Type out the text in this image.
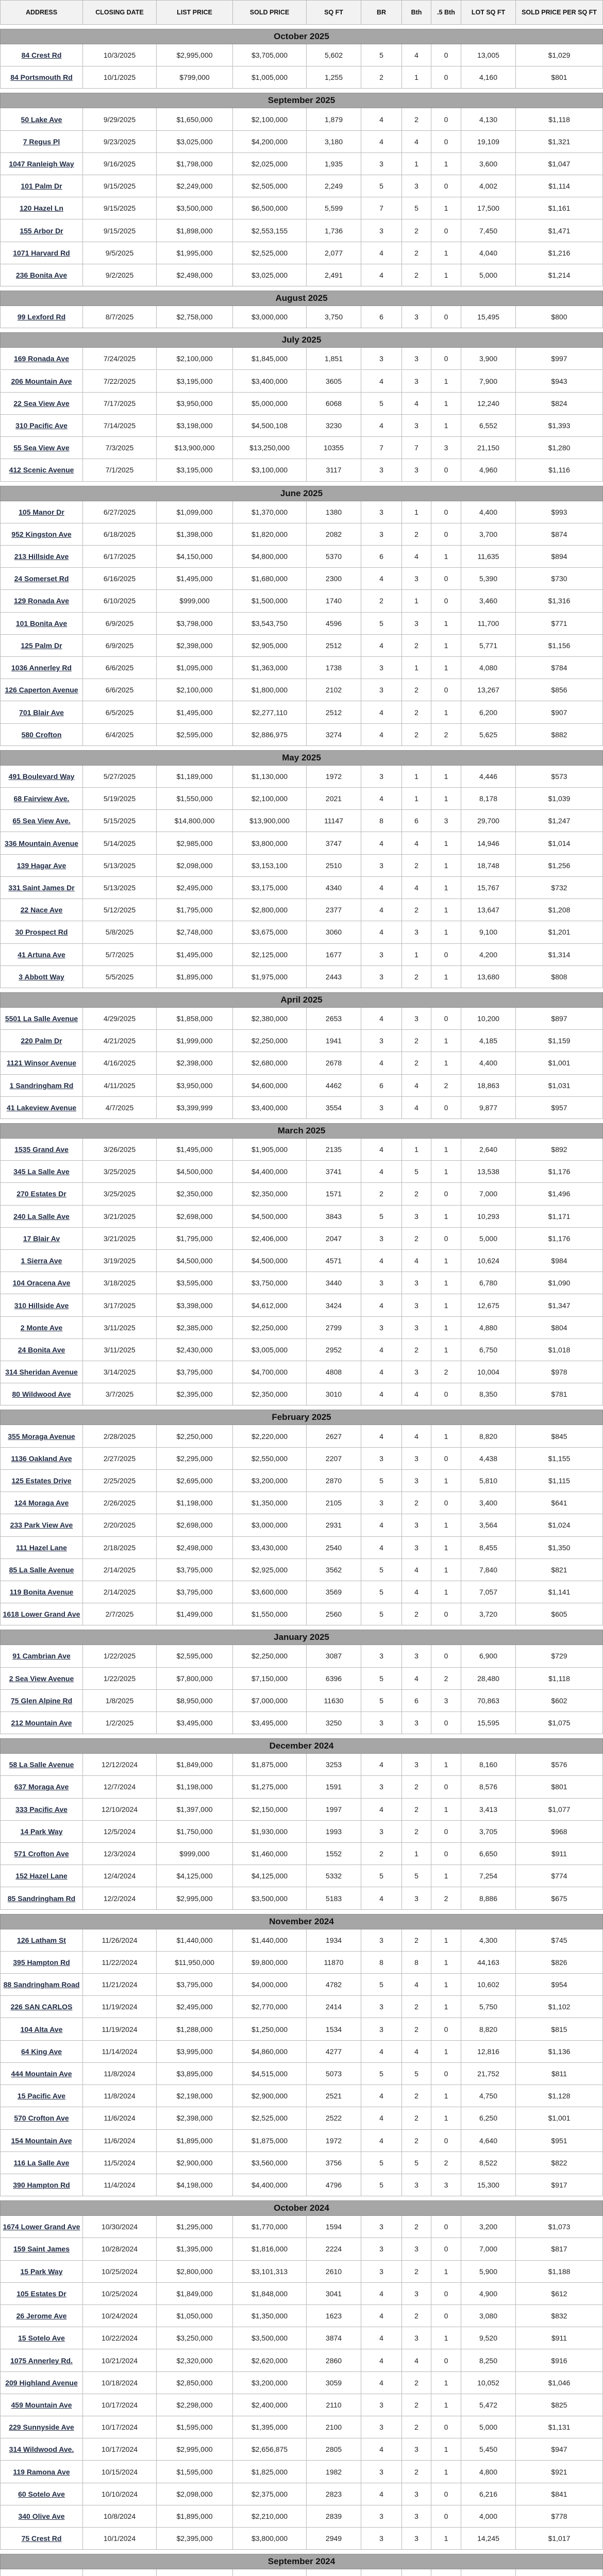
ADDRESS	CLOSING DATE	LIST PRICE	SOLD PRICE	SQ FT	BR	Bth	.5 Bth	LOT SQ FT	SOLD PRICE PER SQ FT
October 2025
84 Crest Rd	10/3/2025	$2,995,000	$3,705,000	5,602	5	4	0	13,005	$1,029
84 Portsmouth Rd	10/1/2025	$799,000	$1,005,000	1,255	2	1	0	4,160	$801
September 2025
50 Lake Ave	9/29/2025	$1,650,000	$2,100,000	1,879	4	2	0	4,130	$1,118
7 Regus Pl	9/23/2025	$3,025,000	$4,200,000	3,180	4	4	0	19,109	$1,321
1047 Ranleigh Way	9/16/2025	$1,798,000	$2,025,000	1,935	3	1	1	3,600	$1,047
101 Palm Dr	9/15/2025	$2,249,000	$2,505,000	2,249	5	3	0	4,002	$1,114
120 Hazel Ln	9/15/2025	$3,500,000	$6,500,000	5,599	7	5	1	17,500	$1,161
155 Arbor Dr	9/15/2025	$1,898,000	$2,553,155	1,736	3	2	0	7,450	$1,471
1071 Harvard Rd	9/5/2025	$1,995,000	$2,525,000	2,077	4	2	1	4,040	$1,216
236 Bonita Ave	9/2/2025	$2,498,000	$3,025,000	2,491	4	2	1	5,000	$1,214
August 2025
99 Lexford Rd	8/7/2025	$2,758,000	$3,000,000	3,750	6	3	0	15,495	$800
July 2025
169 Ronada Ave	7/24/2025	$2,100,000	$1,845,000	1,851	3	3	0	3,900	$997
206 Mountain Ave	7/22/2025	$3,195,000	$3,400,000	3605	4	3	1	7,900	$943
22 Sea View Ave	7/17/2025	$3,950,000	$5,000,000	6068	5	4	1	12,240	$824
310 Pacific Ave	7/14/2025	$3,198,000	$4,500,108	3230	4	3	1	6,552	$1,393
55 Sea View Ave	7/3/2025	$13,900,000	$13,250,000	10355	7	7	3	21,150	$1,280
412 Scenic Avenue	7/1/2025	$3,195,000	$3,100,000	3117	3	3	0	4,960	$1,116
June 2025
105 Manor Dr	6/27/2025	$1,099,000	$1,370,000	1380	3	1	0	4,400	$993
952 Kingston Ave	6/18/2025	$1,398,000	$1,820,000	2082	3	2	0	3,700	$874
213 Hillside Ave	6/17/2025	$4,150,000	$4,800,000	5370	6	4	1	11,635	$894
24 Somerset Rd	6/16/2025	$1,495,000	$1,680,000	2300	4	3	0	5,390	$730
129 Ronada Ave	6/10/2025	$999,000	$1,500,000	1740	2	1	0	3,460	$1,316
101 Bonita Ave	6/9/2025	$3,798,000	$3,543,750	4596	5	3	1	11,700	$771
125 Palm Dr	6/9/2025	$2,398,000	$2,905,000	2512	4	2	1	5,771	$1,156
1036 Annerley Rd	6/6/2025	$1,095,000	$1,363,000	1738	3	1	1	4,080	$784
126 Caperton Avenue	6/6/2025	$2,100,000	$1,800,000	2102	3	2	0	13,267	$856
701 Blair Ave	6/5/2025	$1,495,000	$2,277,110	2512	4	2	1	6,200	$907
580 Crofton	6/4/2025	$2,595,000	$2,886,975	3274	4	2	2	5,625	$882
May 2025
491 Boulevard Way	5/27/2025	$1,189,000	$1,130,000	1972	3	1	1	4,446	$573
68 Fairview Ave.	5/19/2025	$1,550,000	$2,100,000	2021	4	1	1	8,178	$1,039
65 Sea View Ave.	5/15/2025	$14,800,000	$13,900,000	11147	8	6	3	29,700	$1,247
336 Mountain Avenue	5/14/2025	$2,985,000	$3,800,000	3747	4	4	1	14,946	$1,014
139 Hagar Ave	5/13/2025	$2,098,000	$3,153,100	2510	3	2	1	18,748	$1,256
331 Saint James Dr	5/13/2025	$2,495,000	$3,175,000	4340	4	4	1	15,767	$732
22 Nace Ave	5/12/2025	$1,795,000	$2,800,000	2377	4	2	1	13,647	$1,208
30 Prospect Rd	5/8/2025	$2,748,000	$3,675,000	3060	4	3	1	9,100	$1,201
41 Artuna Ave	5/7/2025	$1,495,000	$2,125,000	1677	3	1	0	4,200	$1,314
3 Abbott Way	5/5/2025	$1,895,000	$1,975,000	2443	3	2	1	13,680	$808
April 2025
5501 La Salle Avenue	4/29/2025	$1,858,000	$2,380,000	2653	4	3	0	10,200	$897
220 Palm Dr	4/21/2025	$1,999,000	$2,250,000	1941	3	2	1	4,185	$1,159
1121 Winsor Avenue	4/16/2025	$2,398,000	$2,680,000	2678	4	2	1	4,400	$1,001
1 Sandringham Rd	4/11/2025	$3,950,000	$4,600,000	4462	6	4	2	18,863	$1,031
41 Lakeview Avenue	4/7/2025	$3,399,999	$3,400,000	3554	3	4	0	9,877	$957
March 2025
1535 Grand Ave	3/26/2025	$1,495,000	$1,905,000	2135	4	1	1	2,640	$892
345 La Salle Ave	3/25/2025	$4,500,000	$4,400,000	3741	4	5	1	13,538	$1,176
270 Estates Dr	3/25/2025	$2,350,000	$2,350,000	1571	2	2	0	7,000	$1,496
240 La Salle Ave	3/21/2025	$2,698,000	$4,500,000	3843	5	3	1	10,293	$1,171
17 Blair Av	3/21/2025	$1,795,000	$2,406,000	2047	3	2	0	5,000	$1,176
1 Sierra Ave	3/19/2025	$4,500,000	$4,500,000	4571	4	4	1	10,624	$984
104 Oracena Ave	3/18/2025	$3,595,000	$3,750,000	3440	3	3	1	6,780	$1,090
310 Hillside Ave	3/17/2025	$3,398,000	$4,612,000	3424	4	3	1	12,675	$1,347
2 Monte Ave	3/11/2025	$2,385,000	$2,250,000	2799	3	3	1	4,880	$804
24 Bonita Ave	3/11/2025	$2,430,000	$3,005,000	2952	4	2	1	6,750	$1,018
314 Sheridan Avenue	3/14/2025	$3,795,000	$4,700,000	4808	4	3	2	10,004	$978
80 Wildwood Ave	3/7/2025	$2,395,000	$2,350,000	3010	4	4	0	8,350	$781
February 2025
355 Moraga Avenue	2/28/2025	$2,250,000	$2,220,000	2627	4	4	1	8,820	$845
1136 Oakland Ave	2/27/2025	$2,295,000	$2,550,000	2207	3	3	0	4,438	$1,155
125 Estates Drive	2/25/2025	$2,695,000	$3,200,000	2870	5	3	1	5,810	$1,115
124 Moraga Ave	2/26/2025	$1,198,000	$1,350,000	2105	3	2	0	3,400	$641
233 Park View Ave	2/20/2025	$2,698,000	$3,000,000	2931	4	3	1	3,564	$1,024
111 Hazel Lane	2/18/2025	$2,498,000	$3,430,000	2540	4	3	1	8,455	$1,350
85 La Salle Avenue	2/14/2025	$3,795,000	$2,925,000	3562	5	4	1	7,840	$821
119 Bonita Avenue	2/14/2025	$3,795,000	$3,600,000	3569	5	4	1	7,057	$1,141
1618 Lower Grand Ave	2/7/2025	$1,499,000	$1,550,000	2560	5	2	0	3,720	$605
January 2025
91 Cambrian Ave	1/22/2025	$2,595,000	$2,250,000	3087	3	3	0	6,900	$729
2 Sea View Avenue	1/22/2025	$7,800,000	$7,150,000	6396	5	4	2	28,480	$1,118
75 Glen Alpine Rd	1/8/2025	$8,950,000	$7,000,000	11630	5	6	3	70,863	$602
212 Mountain Ave	1/2/2025	$3,495,000	$3,495,000	3250	3	3	0	15,595	$1,075
December 2024
58 La Salle Avenue	12/12/2024	$1,849,000	$1,875,000	3253	4	3	1	8,160	$576
637 Moraga Ave	12/7/2024	$1,198,000	$1,275,000	1591	3	2	0	8,576	$801
333 Pacific Ave	12/10/2024	$1,397,000	$2,150,000	1997	4	2	1	3,413	$1,077
14 Park Way	12/5/2024	$1,750,000	$1,930,000	1993	3	2	0	3,705	$968
571 Crofton Ave	12/3/2024	$999,000	$1,460,000	1552	2	1	0	6,650	$911
152 Hazel Lane	12/4/2024	$4,125,000	$4,125,000	5332	5	5	1	7,254	$774
85 Sandringham Rd	12/2/2024	$2,995,000	$3,500,000	5183	4	3	2	8,886	$675
November 2024
126 Latham St	11/26/2024	$1,440,000	$1,440,000	1934	3	2	1	4,300	$745
395 Hampton Rd	11/22/2024	$11,950,000	$9,800,000	11870	8	8	1	44,163	$826
88 Sandringham Road	11/21/2024	$3,795,000	$4,000,000	4782	5	4	1	10,602	$954
226 SAN CARLOS	11/19/2024	$2,495,000	$2,770,000	2414	3	2	1	5,750	$1,102
104 Alta Ave	11/19/2024	$1,288,000	$1,250,000	1534	3	2	0	8,820	$815
64 King Ave	11/14/2024	$3,995,000	$4,860,000	4277	4	4	1	12,816	$1,136
444 Mountain Ave	11/8/2024	$3,895,000	$4,515,000	5073	5	5	0	21,752	$811
15 Pacific Ave	11/8/2024	$2,198,000	$2,900,000	2521	4	2	1	4,750	$1,128
570 Crofton Ave	11/6/2024	$2,398,000	$2,525,000	2522	4	2	1	6,250	$1,001
154 Mountain Ave	11/6/2024	$1,895,000	$1,875,000	1972	4	2	0	4,640	$951
116 La Salle Ave	11/5/2024	$2,900,000	$3,560,000	3756	5	5	2	8,522	$822
390 Hampton Rd	11/4/2024	$4,198,000	$4,400,000	4796	5	3	3	15,300	$917
October 2024
1674 Lower Grand Ave	10/30/2024	$1,295,000	$1,770,000	1594	3	2	0	3,200	$1,073
159 Saint James	10/28/2024	$1,395,000	$1,816,000	2224	3	3	0	7,000	$817
15 Park Way	10/25/2024	$2,800,000	$3,101,313	2610	3	2	1	5,900	$1,188
105 Estates Dr	10/25/2024	$1,849,000	$1,848,000	3041	4	3	0	4,900	$612
26 Jerome Ave	10/24/2024	$1,050,000	$1,350,000	1623	4	2	0	3,080	$832
15 Sotelo Ave	10/22/2024	$3,250,000	$3,500,000	3874	4	3	1	9,520	$911
1075 Annerley Rd.	10/21/2024	$2,320,000	$2,620,000	2860	4	4	0	8,250	$916
209 Highland Avenue	10/18/2024	$2,850,000	$3,200,000	3059	4	2	1	10,052	$1,046
459 Mountain Ave	10/17/2024	$2,298,000	$2,400,000	2110	3	2	1	5,472	$825
229 Sunnyside Ave	10/17/2024	$1,595,000	$1,395,000	2100	3	2	0	5,000	$1,131
314 Wildwood Ave.	10/17/2024	$2,995,000	$2,656,875	2805	4	3	1	5,450	$947
119 Ramona Ave	10/15/2024	$1,595,000	$1,825,000	1982	3	2	1	4,800	$921
60 Sotelo Ave	10/10/2024	$2,098,000	$2,375,000	2823	4	3	0	6,216	$841
340 Olive Ave	10/8/2024	$1,895,000	$2,210,000	2839	3	3	0	4,000	$778
75 Crest Rd	10/1/2024	$2,395,000	$3,800,000	2949	3	3	1	14,245	$1,017
September 2024
